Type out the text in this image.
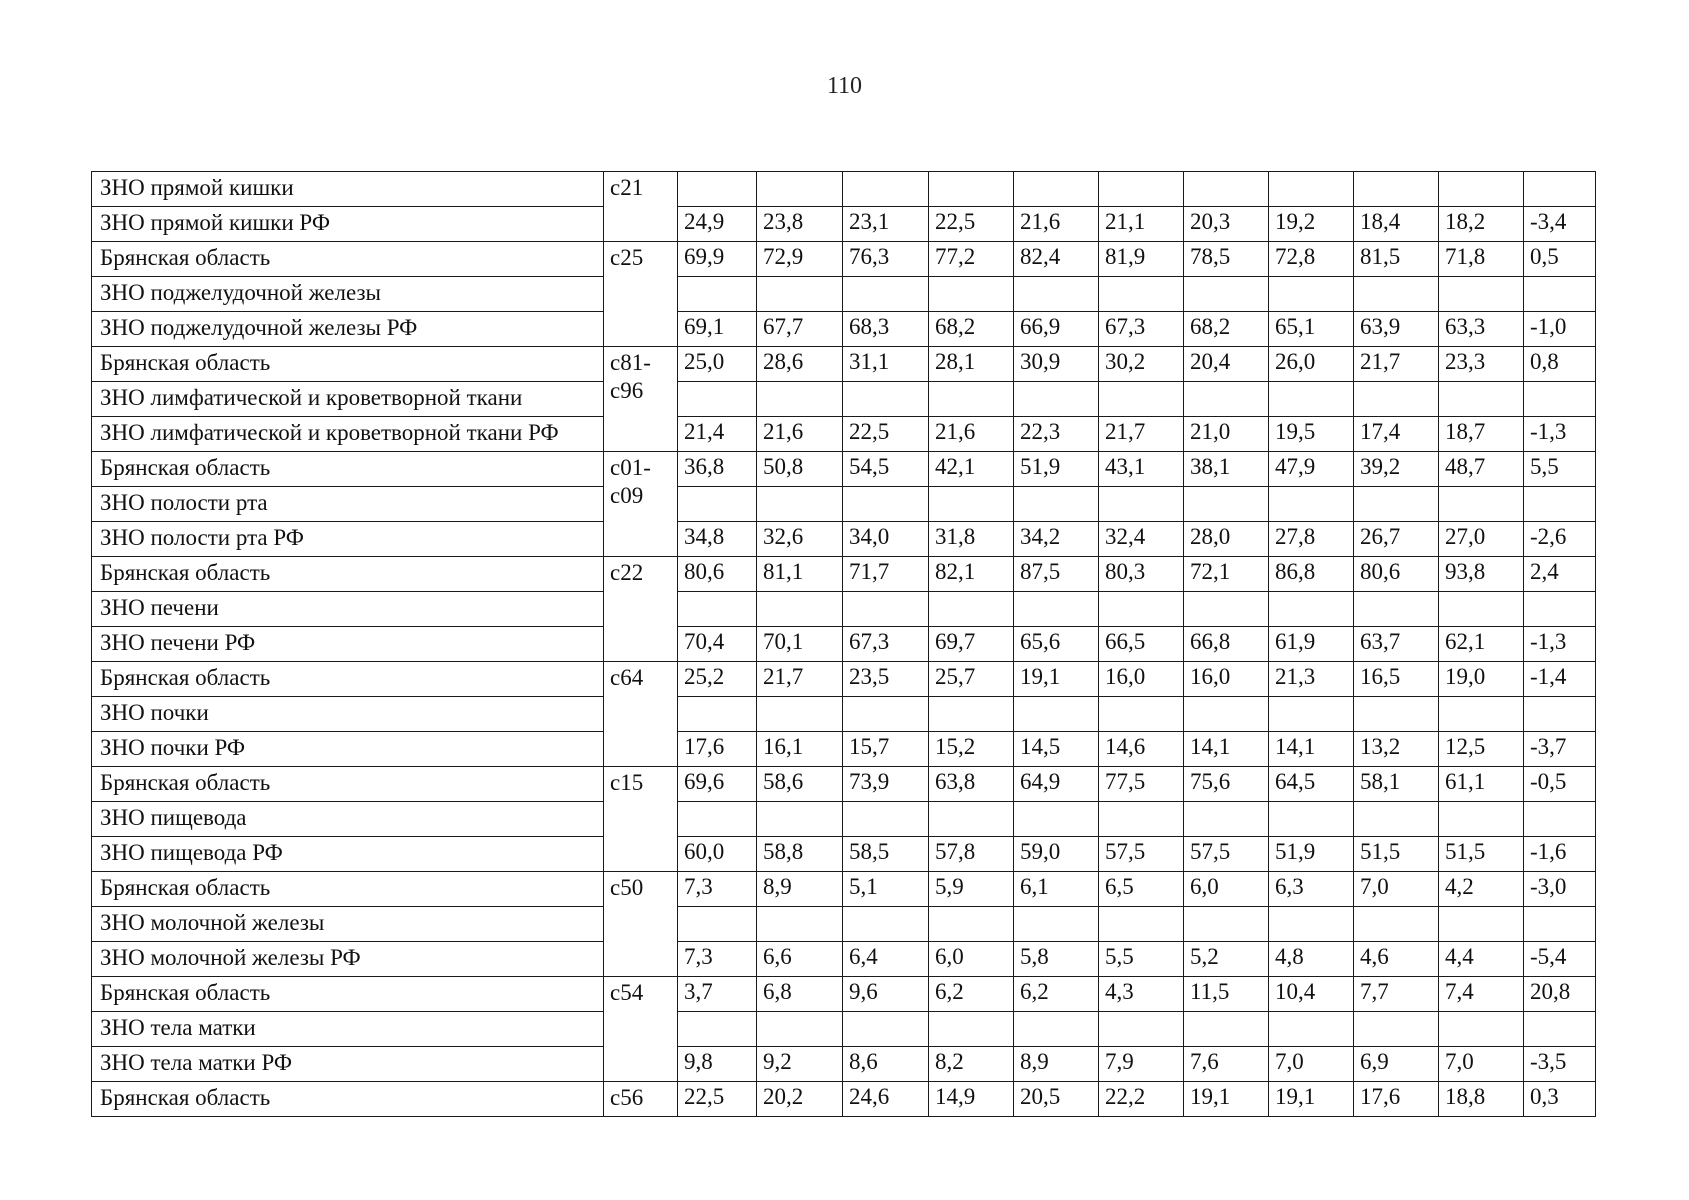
110
ЗНО прямой кишки	c21											
ЗНО прямой кишки РФ		24,9	23,8	23,1	22,5	21,6	21,1	20,3	19,2	18,4	18,2	-3,4
Брянская область	c25	69,9	72,9	76,3	77,2	82,4	81,9	78,5	72,8	81,5	71,8	0,5
ЗНО поджелудочной железы												
ЗНО поджелудочной железы РФ		69,1	67,7	68,3	68,2	66,9	67,3	68,2	65,1	63,9	63,3	-1,0
Брянская область	c81-c96	25,0	28,6	31,1	28,1	30,9	30,2	20,4	26,0	21,7	23,3	0,8
ЗНО лимфатической и кроветворной ткани												
ЗНО лимфатической и кроветворной ткани РФ		21,4	21,6	22,5	21,6	22,3	21,7	21,0	19,5	17,4	18,7	-1,3
Брянская область	c01-c09	36,8	50,8	54,5	42,1	51,9	43,1	38,1	47,9	39,2	48,7	5,5
ЗНО полости рта												
ЗНО полости рта РФ		34,8	32,6	34,0	31,8	34,2	32,4	28,0	27,8	26,7	27,0	-2,6
Брянская область	c22	80,6	81,1	71,7	82,1	87,5	80,3	72,1	86,8	80,6	93,8	2,4
ЗНО печени												
ЗНО печени РФ		70,4	70,1	67,3	69,7	65,6	66,5	66,8	61,9	63,7	62,1	-1,3
Брянская область	c64	25,2	21,7	23,5	25,7	19,1	16,0	16,0	21,3	16,5	19,0	-1,4
ЗНО почки												
ЗНО почки РФ		17,6	16,1	15,7	15,2	14,5	14,6	14,1	14,1	13,2	12,5	-3,7
Брянская область	c15	69,6	58,6	73,9	63,8	64,9	77,5	75,6	64,5	58,1	61,1	-0,5
ЗНО пищевода												
ЗНО пищевода РФ		60,0	58,8	58,5	57,8	59,0	57,5	57,5	51,9	51,5	51,5	-1,6
Брянская область	c50	7,3	8,9	5,1	5,9	6,1	6,5	6,0	6,3	7,0	4,2	-3,0
ЗНО молочной железы												
ЗНО молочной железы РФ		7,3	6,6	6,4	6,0	5,8	5,5	5,2	4,8	4,6	4,4	-5,4
Брянская область	c54	3,7	6,8	9,6	6,2	6,2	4,3	11,5	10,4	7,7	7,4	20,8
ЗНО тела матки												
ЗНО тела матки РФ		9,8	9,2	8,6	8,2	8,9	7,9	7,6	7,0	6,9	7,0	-3,5
Брянская область	c56	22,5	20,2	24,6	14,9	20,5	22,2	19,1	19,1	17,6	18,8	0,3
